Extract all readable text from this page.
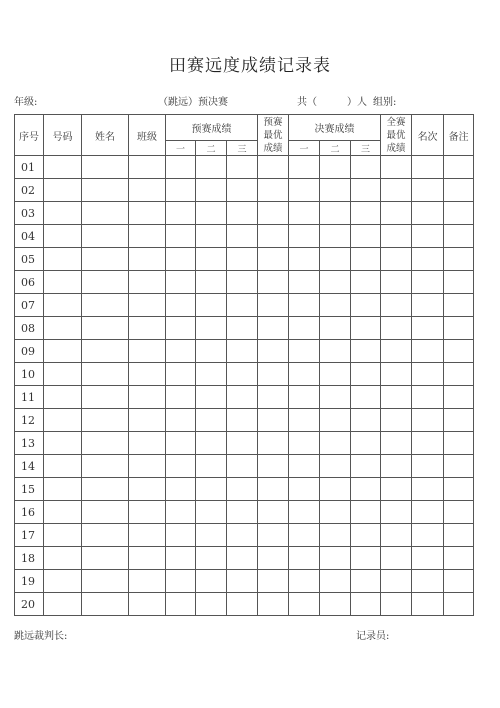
田赛远度成绩记录表
年级:	（跳远）预决赛	共（	）人 组别:
序号	号码	姓名	班级	预赛成绩			预赛
最优
成绩	决赛成绩			全赛
最优
成绩	名次	备注
				一	二	三		一	二	三			
01													
02													
03													
04													
05													
06													
07													
08													
09													
10													
11													
12													
13													
14													
15													
16													
17													
18													
19													
20													
跳远裁判长:	记录员:
